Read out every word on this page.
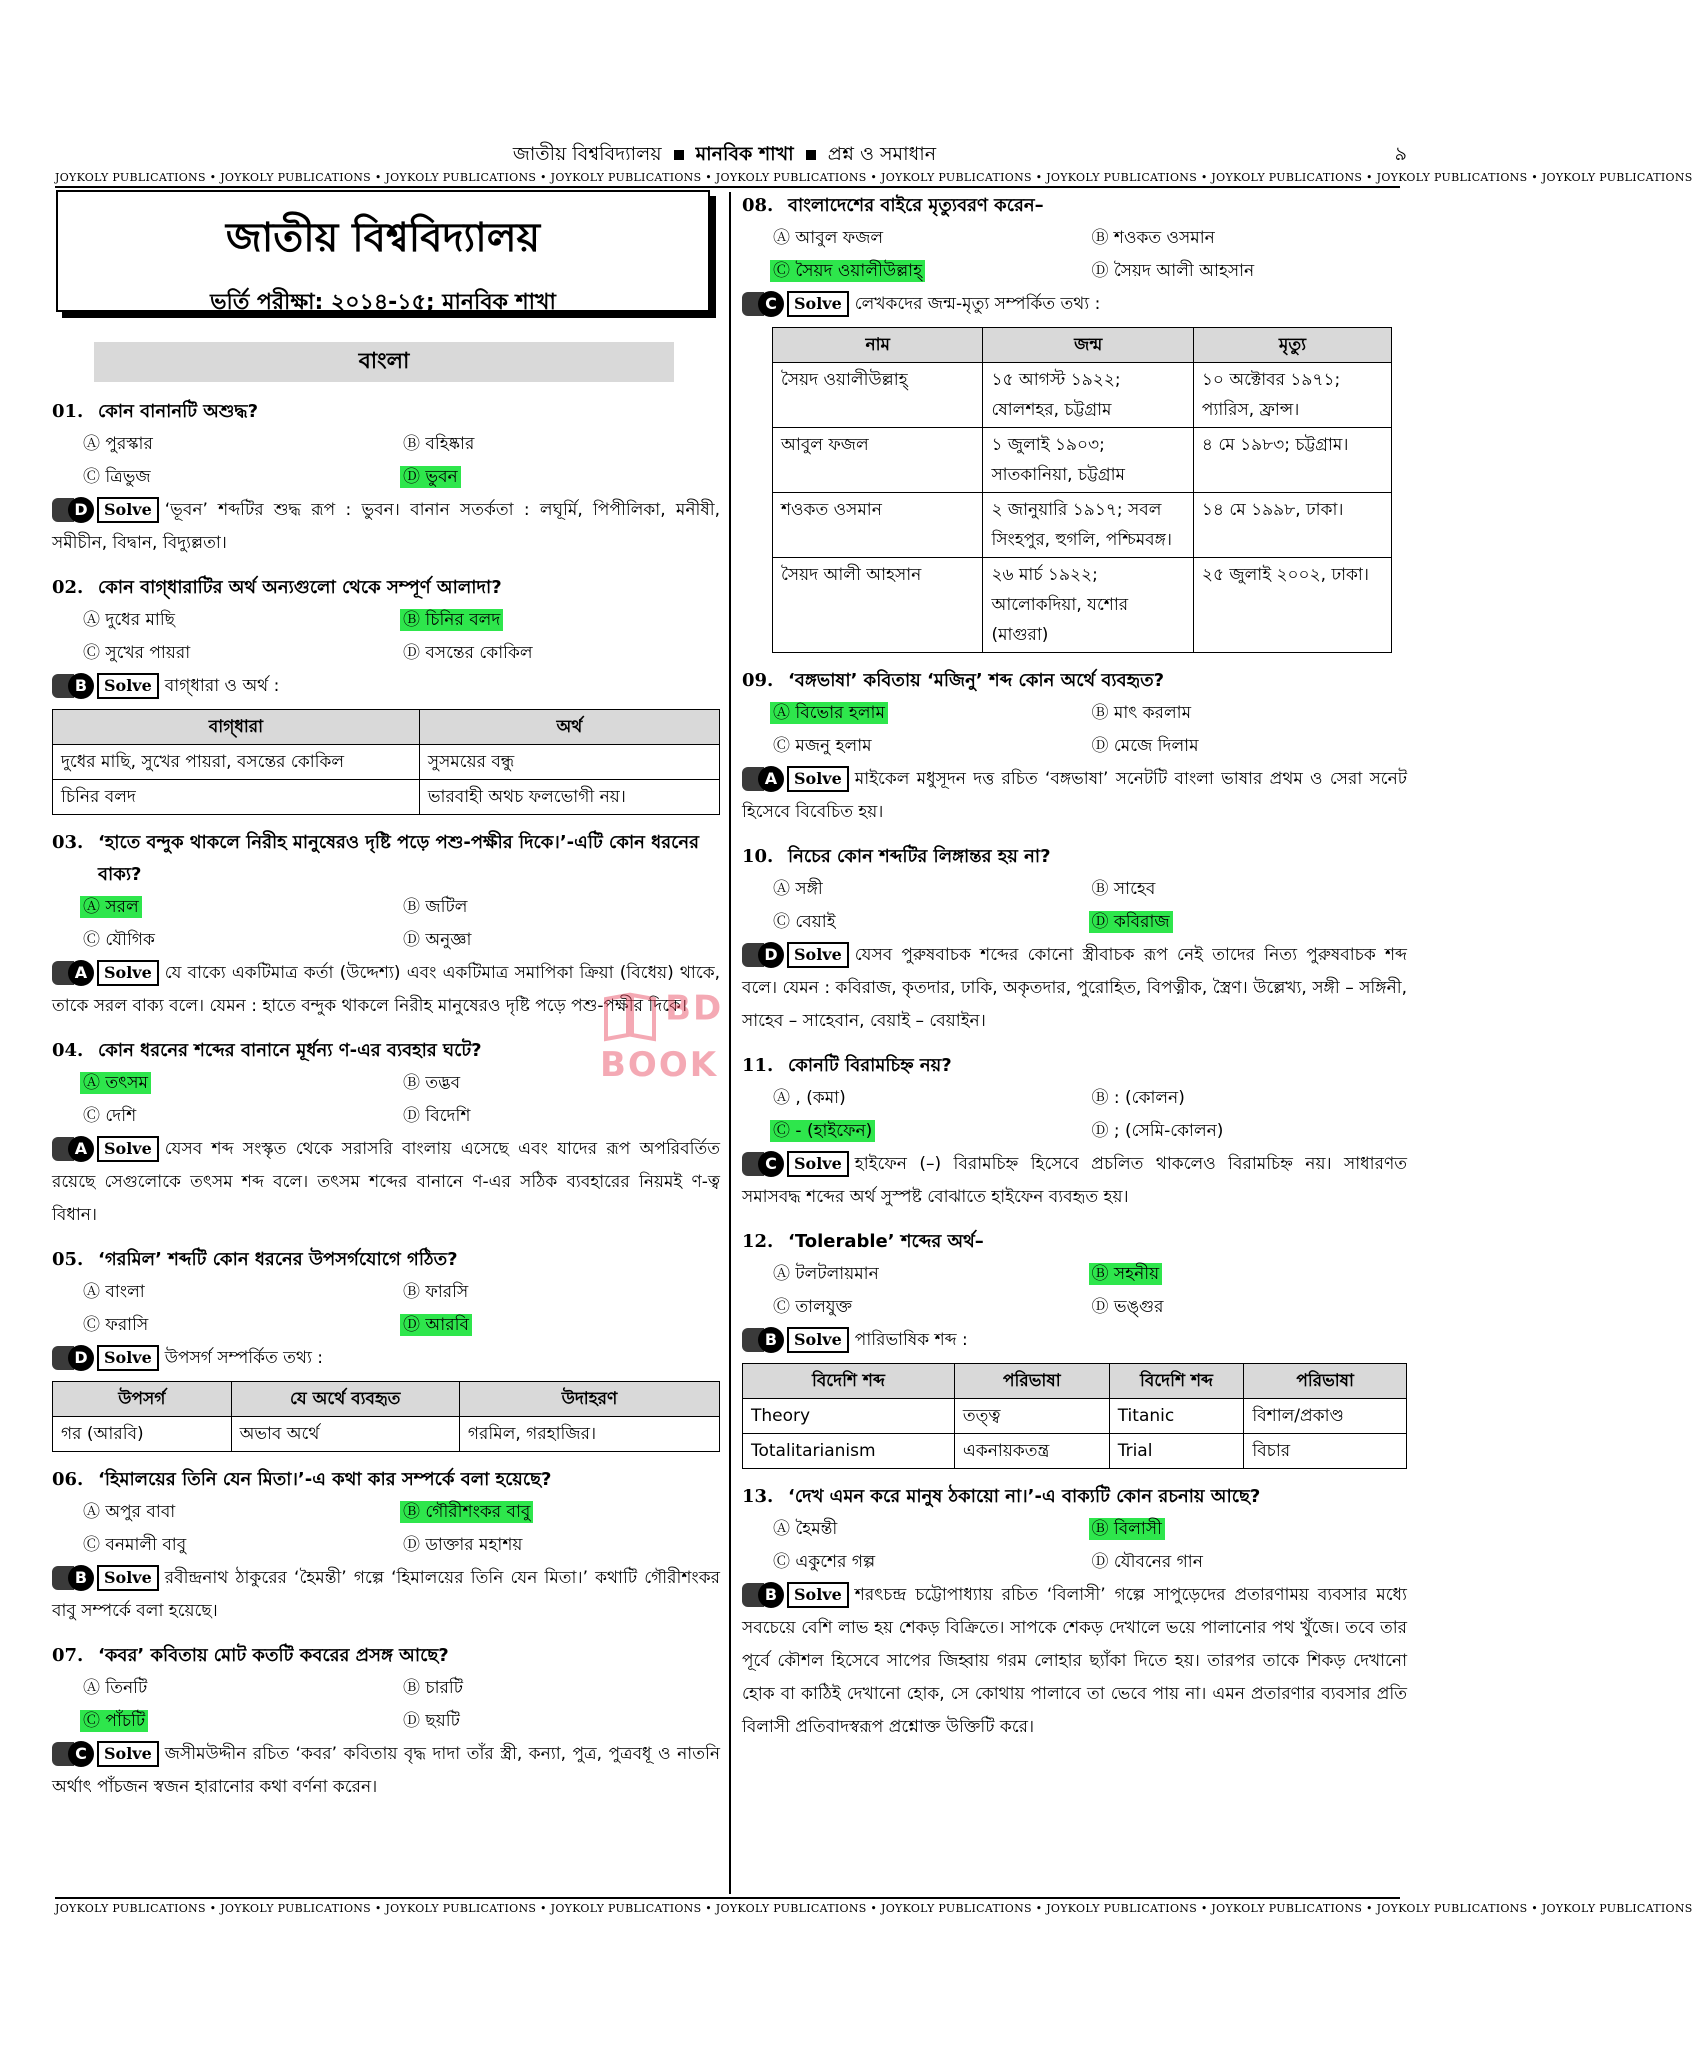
জাতীয় বিশ্ববিদ্যালয় মানবিক শাখা প্রশ্ন ও সমাধান	৯
JOYKOLY PUBLICATIONS • JOYKOLY PUBLICATIONS • JOYKOLY PUBLICATIONS • JOYKOLY PUBLICATIONS • JOYKOLY PUBLICATIONS • JOYKOLY PUBLICATIONS • JOYKOLY PUBLICATIONS • JOYKOLY PUBLICATIONS • JOYKOLY PUBLICATIONS • JOYKOLY PUBLICATIONS
জাতীয় বিশ্ববিদ্যালয়
ভর্তি পরীক্ষা: ২০১৪-১৫; মানবিক শাখা
বাংলা
01. কোন বানানটি অশুদ্ধ?
Ⓐ পুরস্কার	Ⓑ বহিষ্কার
Ⓒ ত্রিভুজ	Ⓓ ভুবন
D	Solve ‘ভূবন’ শব্দটির শুদ্ধ রূপ : ভুবন। বানান সতর্কতা : লঘূর্মি, পিপীলিকা, মনীষী, সমীচীন, বিদ্বান, বিদ্যুল্লতা।
02. কোন বাগ্‌ধারাটির অর্থ অন্যগুলো থেকে সম্পূর্ণ আলাদা?
Ⓐ দুধের মাছি	Ⓑ চিনির বলদ
Ⓒ সুখের পায়রা	Ⓓ বসন্তের কোকিল
B	Solve বাগ্‌ধারা ও অর্থ :
বাগ্‌ধারা	অর্থ
দুধের মাছি, সুখের পায়রা, বসন্তের কোকিল	সুসময়ের বন্ধু
চিনির বলদ	ভারবাহী অথচ ফলভোগী নয়।
03. ‘হাতে বন্দুক থাকলে নিরীহ মানুষেরও দৃষ্টি পড়ে পশু-পক্ষীর দিকে।’-এটি কোন ধরনের বাক্য?
Ⓐ সরল	Ⓑ জটিল
Ⓒ যৌগিক	Ⓓ অনুজ্ঞা
A	Solve যে বাক্যে একটিমাত্র কর্তা (উদ্দেশ্য) এবং একটিমাত্র সমাপিকা ক্রিয়া (বিধেয়) থাকে, তাকে সরল বাক্য বলে। যেমন : হাতে বন্দুক থাকলে নিরীহ মানুষেরও দৃষ্টি পড়ে পশু-পক্ষীর দিকে।
04. কোন ধরনের শব্দের বানানে মূর্ধন্য ণ-এর ব্যবহার ঘটে?
Ⓐ তৎসম	Ⓑ তদ্ভব
Ⓒ দেশি	Ⓓ বিদেশি
A	Solve যেসব শব্দ সংস্কৃত থেকে সরাসরি বাংলায় এসেছে এবং যাদের রূপ অপরিবর্তিত রয়েছে সেগুলোকে তৎসম শব্দ বলে। তৎসম শব্দের বানানে ণ-এর সঠিক ব্যবহারের নিয়মই ণ-ত্ব বিধান।
05. ‘গরমিল’ শব্দটি কোন ধরনের উপসর্গযোগে গঠিত?
Ⓐ বাংলা	Ⓑ ফারসি
Ⓒ ফরাসি	Ⓓ আরবি
D	Solve উপসর্গ সম্পর্কিত তথ্য :
উপসর্গ	যে অর্থে ব্যবহৃত	উদাহরণ
গর (আরবি)	অভাব অর্থে	গরমিল, গরহাজির।
06. ‘হিমালয়ের তিনি যেন মিতা।’-এ কথা কার সম্পর্কে বলা হয়েছে?
Ⓐ অপুর বাবা	Ⓑ গৌরীশংকর বাবু
Ⓒ বনমালী বাবু	Ⓓ ডাক্তার মহাশয়
B	Solve রবীন্দ্রনাথ ঠাকুরের ‘হৈমন্তী’ গল্পে ‘হিমালয়ের তিনি যেন মিতা।’ কথাটি গৌরীশংকর বাবু সম্পর্কে বলা হয়েছে।
07. ‘কবর’ কবিতায় মোট কতটি কবরের প্রসঙ্গ আছে?
Ⓐ তিনটি	Ⓑ চারটি
Ⓒ পাঁচটি	Ⓓ ছয়টি
C	Solve জসীমউদ্দীন রচিত ‘কবর’ কবিতায় বৃদ্ধ দাদা তাঁর স্ত্রী, কন্যা, পুত্র, পুত্রবধূ ও নাতনি অর্থাৎ পাঁচজন স্বজন হারানোর কথা বর্ণনা করেন।
08. বাংলাদেশের বাইরে মৃত্যুবরণ করেন–
Ⓐ আবুল ফজল	Ⓑ শওকত ওসমান
Ⓒ সৈয়দ ওয়ালীউল্লাহ্	Ⓓ সৈয়দ আলী আহসান
C	Solve লেখকদের জন্ম-মৃত্যু সম্পর্কিত তথ্য :
নাম	জন্ম	মৃত্যু
সৈয়দ ওয়ালীউল্লাহ্	১৫ আগস্ট ১৯২২; ষোলশহর, চট্টগ্রাম	১০ অক্টোবর ১৯৭১; প্যারিস, ফ্রান্স।
আবুল ফজল	১ জুলাই ১৯০৩; সাতকানিয়া, চট্টগ্রাম	৪ মে ১৯৮৩; চট্টগ্রাম।
শওকত ওসমান	২ জানুয়ারি ১৯১৭; সবল সিংহপুর, হুগলি, পশ্চিমবঙ্গ।	১৪ মে ১৯৯৮, ঢাকা।
সৈয়দ আলী আহসান	২৬ মার্চ ১৯২২; আলোকদিয়া, যশোর (মাগুরা)	২৫ জুলাই ২০০২, ঢাকা।
09. ‘বঙ্গভাষা’ কবিতায় ‘মজিনু’ শব্দ কোন অর্থে ব্যবহৃত?
Ⓐ বিভোর হলাম	Ⓑ মাৎ করলাম
Ⓒ মজনু হলাম	Ⓓ মেজে দিলাম
A	Solve মাইকেল মধুসূদন দত্ত রচিত ‘বঙ্গভাষা’ সনেটটি বাংলা ভাষার প্রথম ও সেরা সনেট হিসেবে বিবেচিত হয়।
10. নিচের কোন শব্দটির লিঙ্গান্তর হয় না?
Ⓐ সঙ্গী	Ⓑ সাহেব
Ⓒ বেয়াই	Ⓓ কবিরাজ
D	Solve যেসব পুরুষবাচক শব্দের কোনো স্ত্রীবাচক রূপ নেই তাদের নিত্য পুরুষবাচক শব্দ বলে। যেমন : কবিরাজ, কৃতদার, ঢাকি, অকৃতদার, পুরোহিত, বিপত্নীক, স্ত্রৈণ। উল্লেখ্য, সঙ্গী – সঙ্গিনী, সাহেব – সাহেবান, বেয়াই – বেয়াইন।
11. কোনটি বিরামচিহ্ন নয়?
Ⓐ , (কমা)	Ⓑ : (কোলন)
Ⓒ - (হাইফেন)	Ⓓ ; (সেমি-কোলন)
C	Solve হাইফেন (–) বিরামচিহ্ন হিসেবে প্রচলিত থাকলেও বিরামচিহ্ন নয়। সাধারণত সমাসবদ্ধ শব্দের অর্থ সুস্পষ্ট বোঝাতে হাইফেন ব্যবহৃত হয়।
12. ‘Tolerable’ শব্দের অর্থ–
Ⓐ টলটলায়মান	Ⓑ সহনীয়
Ⓒ তালযুক্ত	Ⓓ ভঙ্গুর
B	Solve পারিভাষিক শব্দ :
বিদেশি শব্দ	পরিভাষা	বিদেশি শব্দ	পরিভাষা
Theory	তত্ত্ব	Titanic	বিশাল/প্রকাণ্ড
Totalitarianism	একনায়কতন্ত্র	Trial	বিচার
13. ‘দেখ এমন করে মানুষ ঠকায়ো না।’-এ বাক্যটি কোন রচনায় আছে?
Ⓐ হৈমন্তী	Ⓑ বিলাসী
Ⓒ একুশের গল্প	Ⓓ যৌবনের গান
B	Solve শরৎচন্দ্র চট্টোপাধ্যায় রচিত ‘বিলাসী’ গল্পে সাপুড়েদের প্রতারণাময় ব্যবসার মধ্যে সবচেয়ে বেশি লাভ হয় শেকড় বিক্রিতে। সাপকে শেকড় দেখালে ভয়ে পালানোর পথ খুঁজে। তবে তার পূর্বে কৌশল হিসেবে সাপের জিহ্বায় গরম লোহার ছ্যাঁকা দিতে হয়। তারপর তাকে শিকড় দেখানো হোক বা কাঠিই দেখানো হোক, সে কোথায় পালাবে তা ভেবে পায় না। এমন প্রতারণার ব্যবসার প্রতি বিলাসী প্রতিবাদস্বরূপ প্রশ্নোক্ত উক্তিটি করে।
BD BOOK
JOYKOLY PUBLICATIONS • JOYKOLY PUBLICATIONS • JOYKOLY PUBLICATIONS • JOYKOLY PUBLICATIONS • JOYKOLY PUBLICATIONS • JOYKOLY PUBLICATIONS • JOYKOLY PUBLICATIONS • JOYKOLY PUBLICATIONS • JOYKOLY PUBLICATIONS • JOYKOLY PUBLICATIONS
